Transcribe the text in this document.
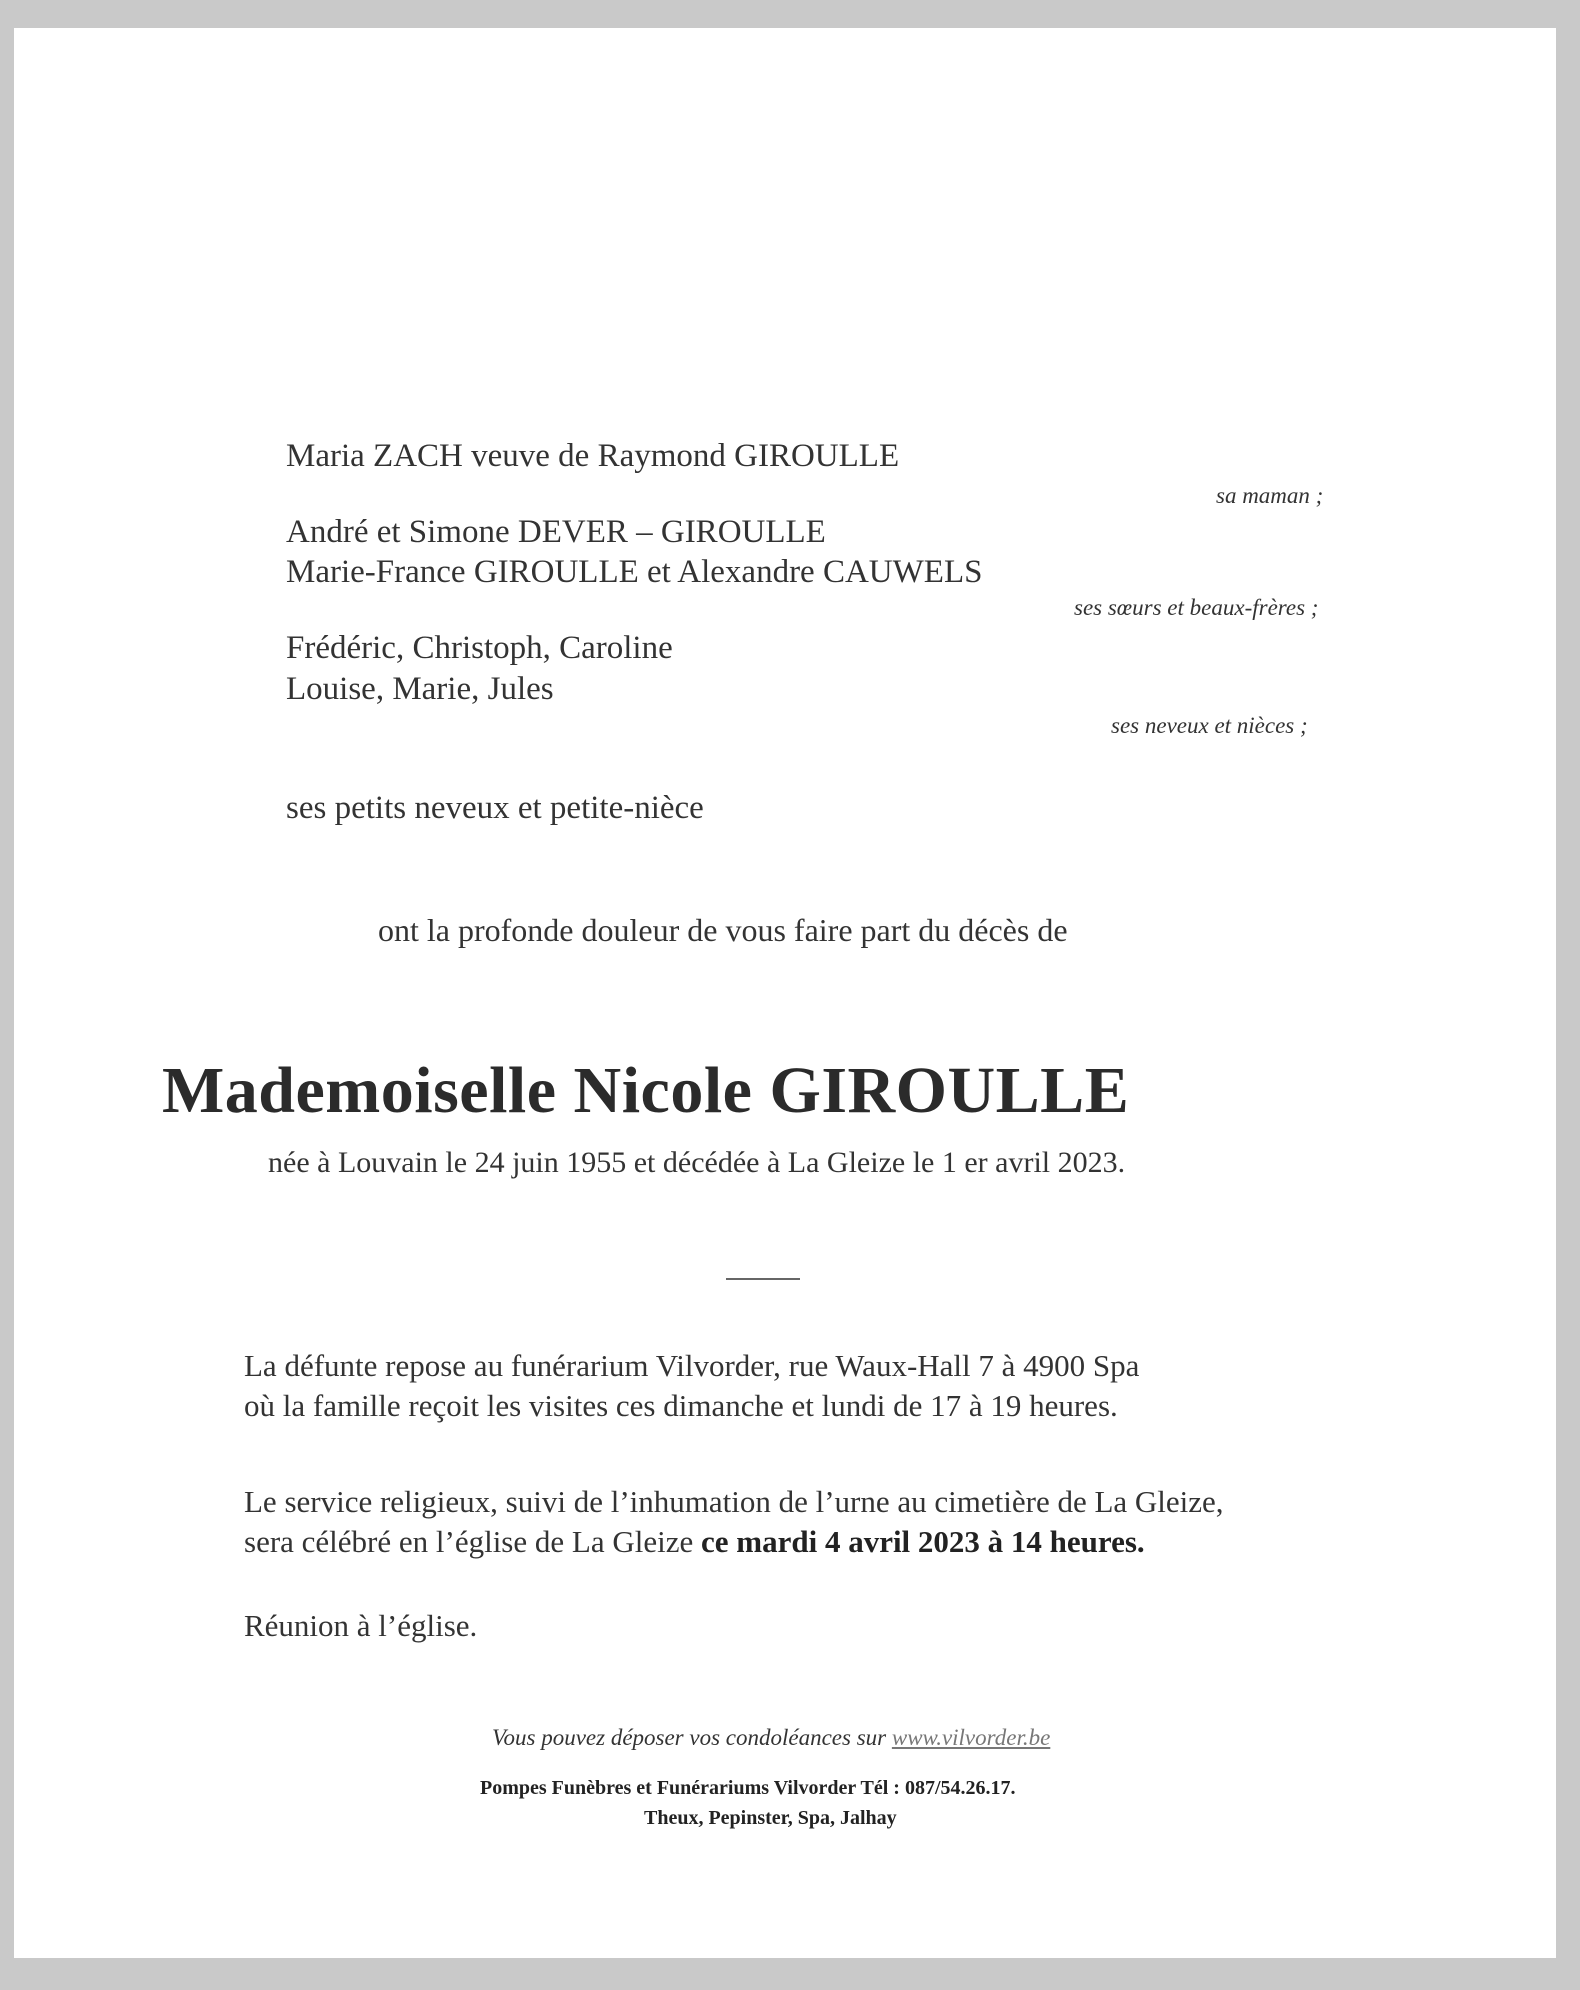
Maria ZACH veuve de Raymond GIROULLE
sa maman ;
André et Simone DEVER – GIROULLE
Marie-France GIROULLE et Alexandre CAUWELS
ses sœurs et beaux-frères ;
Frédéric, Christoph, Caroline
Louise, Marie, Jules
ses neveux et nièces ;
ses petits neveux et petite-nièce
ont la profonde douleur de vous faire part du décès de
Mademoiselle Nicole GIROULLE
née à Louvain le 24 juin 1955 et décédée à La Gleize le 1 er avril 2023.
La défunte repose au funérarium Vilvorder, rue Waux-Hall 7 à 4900 Spa
où la famille reçoit les visites ces dimanche et lundi de 17 à 19 heures.
Le service religieux, suivi de l’inhumation de l’urne au cimetière de La Gleize,
sera célébré en l’église de La Gleize ce mardi 4 avril 2023 à 14 heures.
Réunion à l’église.
Vous pouvez déposer vos condoléances sur www.vilvorder.be
Pompes Funèbres et Funérariums Vilvorder Tél : 087/54.26.17.
Theux, Pepinster, Spa, Jalhay
